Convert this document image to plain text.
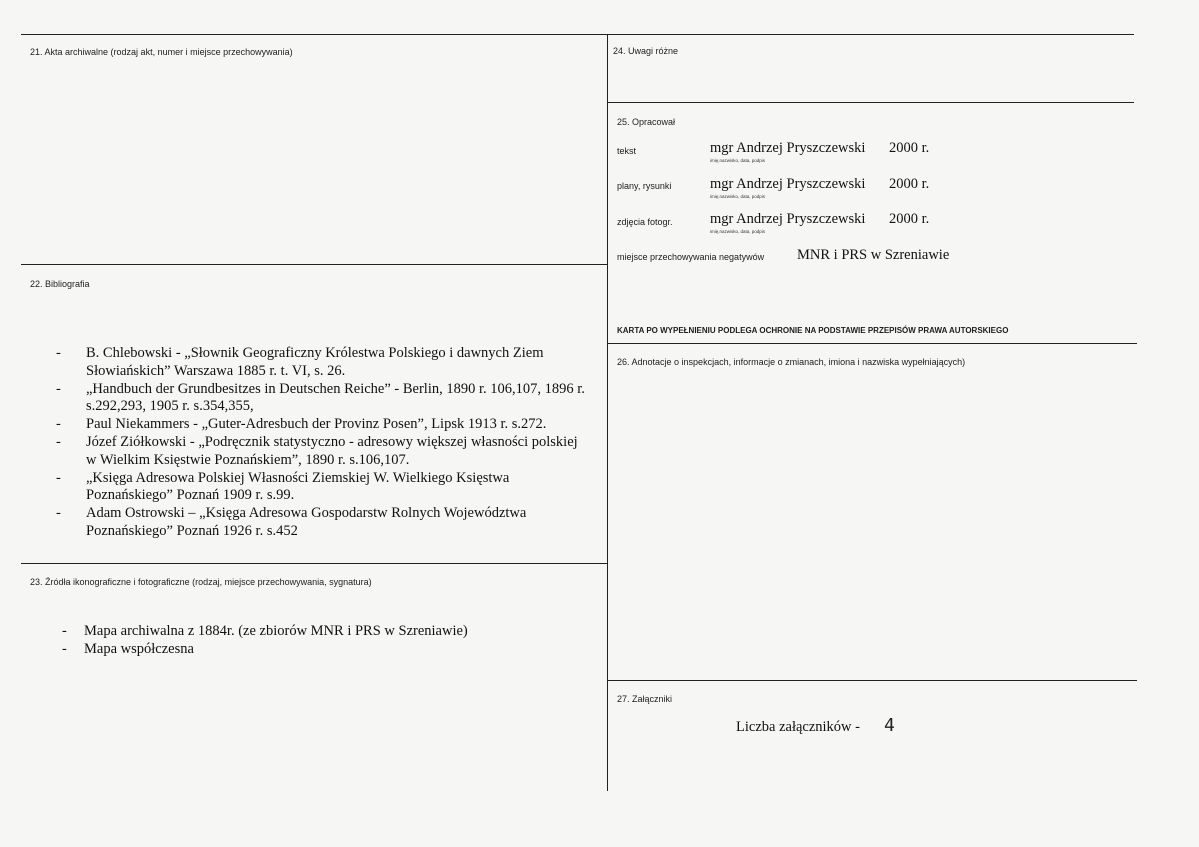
21. Akta archiwalne (rodzaj akt, numer i miejsce przechowywania)
22. Bibliografia
- B. Chlebowski - „Słownik Geograficzny Królestwa Polskiego i dawnych Ziem Słowiańskich” Warszawa 1885 r. t. VI, s. 26.
- „Handbuch der Grundbesitzes in Deutschen Reiche” - Berlin, 1890 r. 106,107, 1896 r. s.292,293, 1905 r. s.354,355,
- Paul Niekammers - „Guter-Adresbuch der Provinz Posen”, Lipsk 1913 r. s.272.
- Józef Ziółkowski - „Podręcznik statystyczno - adresowy większej własności polskiej w Wielkim Księstwie Poznańskiem”, 1890 r. s.106,107.
- „Księga Adresowa Polskiej Własności Ziemskiej W. Wielkiego Księstwa Poznańskiego” Poznań 1909 r. s.99.
- Adam Ostrowski – „Księga Adresowa Gospodarstw Rolnych Województwa Poznańskiego” Poznań 1926 r. s.452
23. Źródła ikonograficzne i fotograficzne (rodzaj, miejsce przechowywania, sygnatura)
- Mapa archiwalna z 1884r. (ze zbiorów MNR i PRS w Szreniawie)
- Mapa współczesna
24. Uwagi różne
25. Opracował
tekst	mgr Andrzej Pryszczewski 2000 r.
imię,nazwisko, data, podpis
plany, rysunki	mgr Andrzej Pryszczewski 2000 r.
imię,nazwisko, data, podpis
zdjęcia fotogr.	mgr Andrzej Pryszczewski 2000 r.
imię,nazwisko, data, podpis
miejsce przechowywania negatywów MNR i PRS w Szreniawie
KARTA PO WYPEŁNIENIU PODLEGA OCHRONIE NA PODSTAWIE PRZEPISÓW PRAWA AUTORSKIEGO
26. Adnotacje o inspekcjach, informacje o zmianach, imiona i nazwiska wypełniających)
27. Załączniki
Liczba załączników - 4
